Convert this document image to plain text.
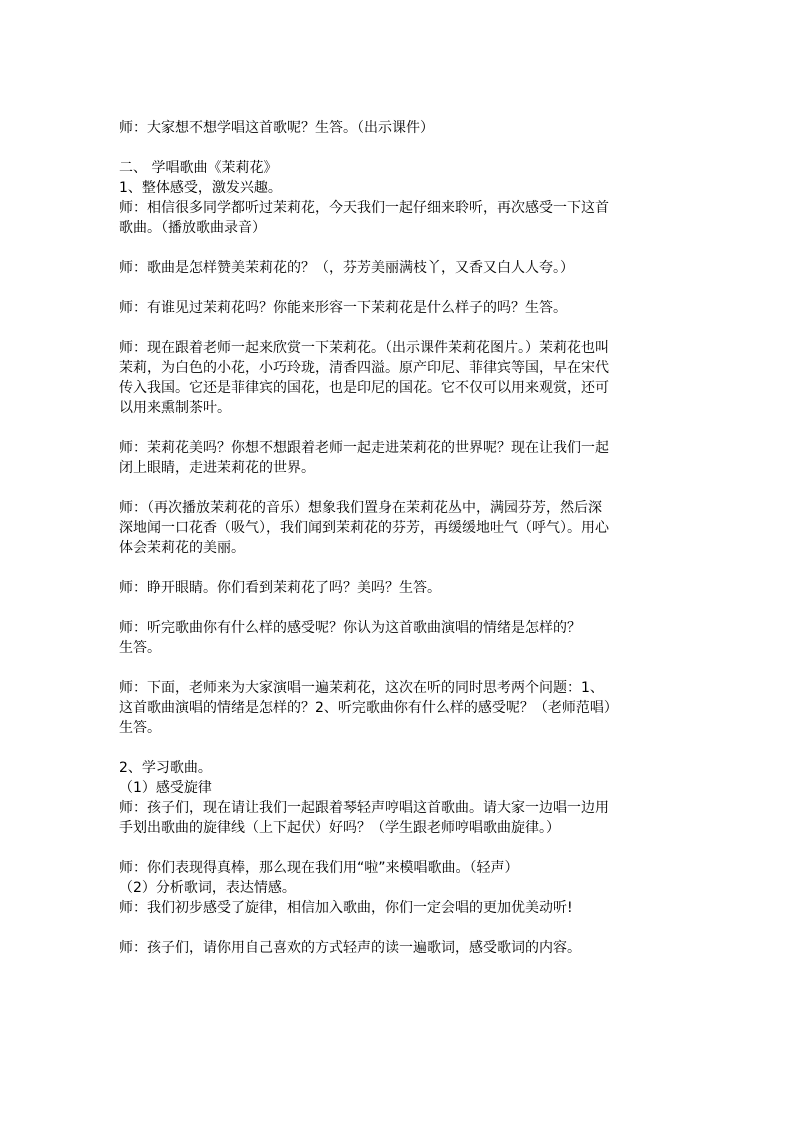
师：大家想不想学唱这首歌呢？生答。（出示课件）
二、 学唱歌曲《茉莉花》
1、整体感受，激发兴趣。
师：相信很多同学都听过茉莉花，今天我们一起仔细来聆听，再次感受一下这首
歌曲。（播放歌曲录音）
师：歌曲是怎样赞美茉莉花的？（，芬芳美丽满枝丫，又香又白人人夸。）
师：有谁见过茉莉花吗？你能来形容一下茉莉花是什么样子的吗？生答。
师：现在跟着老师一起来欣赏一下茉莉花。（出示课件茉莉花图片。）茉莉花也叫
茉莉，为白色的小花，小巧玲珑，清香四溢。原产印尼、菲律宾等国，早在宋代
传入我国。它还是菲律宾的国花，也是印尼的国花。它不仅可以用来观赏，还可
以用来熏制茶叶。
师：茉莉花美吗？你想不想跟着老师一起走进茉莉花的世界呢？现在让我们一起
闭上眼睛，走进茉莉花的世界。
师：（再次播放茉莉花的音乐）想象我们置身在茉莉花丛中，满园芬芳，然后深
深地闻一口花香（吸气），我们闻到茉莉花的芬芳，再缓缓地吐气（呼气）。用心
体会茉莉花的美丽。
师：睁开眼睛。你们看到茉莉花了吗？美吗？生答。
师：听完歌曲你有什么样的感受呢？你认为这首歌曲演唱的情绪是怎样的？
生答。
师：下面，老师来为大家演唱一遍茉莉花，这次在听的同时思考两个问题：1、
这首歌曲演唱的情绪是怎样的？2、听完歌曲你有什么样的感受呢？（老师范唱）
生答。
2、学习歌曲。
（1）感受旋律
师：孩子们，现在请让我们一起跟着琴轻声哼唱这首歌曲。请大家一边唱一边用
手划出歌曲的旋律线（上下起伏）好吗？（学生跟老师哼唱歌曲旋律。）
师：你们表现得真棒，那么现在我们用“啦”来模唱歌曲。（轻声）
（2）分析歌词，表达情感。
师：我们初步感受了旋律，相信加入歌曲，你们一定会唱的更加优美动听!
师：孩子们，请你用自己喜欢的方式轻声的读一遍歌词，感受歌词的内容。
